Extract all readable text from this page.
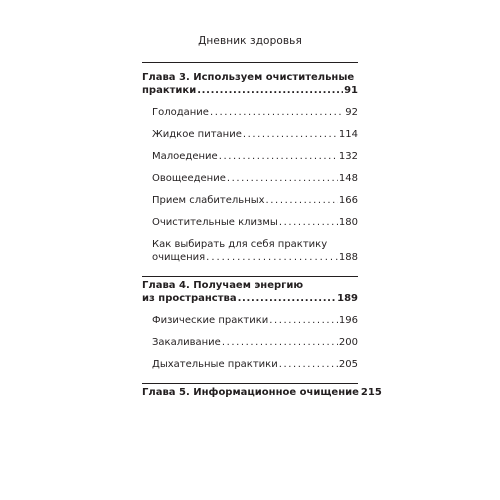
Дневник здоровья
Глава 3. Используем очистительные
практики . . .	91
Голодание . . .	92
Жидкое питание . . .	114
Малоедение . . .	132
Овощеедение . . .	148
Прием слабительных . . .	166
Очистительные клизмы . . .	180
Как выбирать для себя практику
очищения . . .	188
Глава 4. Получаем энергию
из пространства . . .	189
Физические практики . . .	196
Закаливание . . .	200
Дыхательные практики . . .	205
Глава 5. Информационное очищение 215
